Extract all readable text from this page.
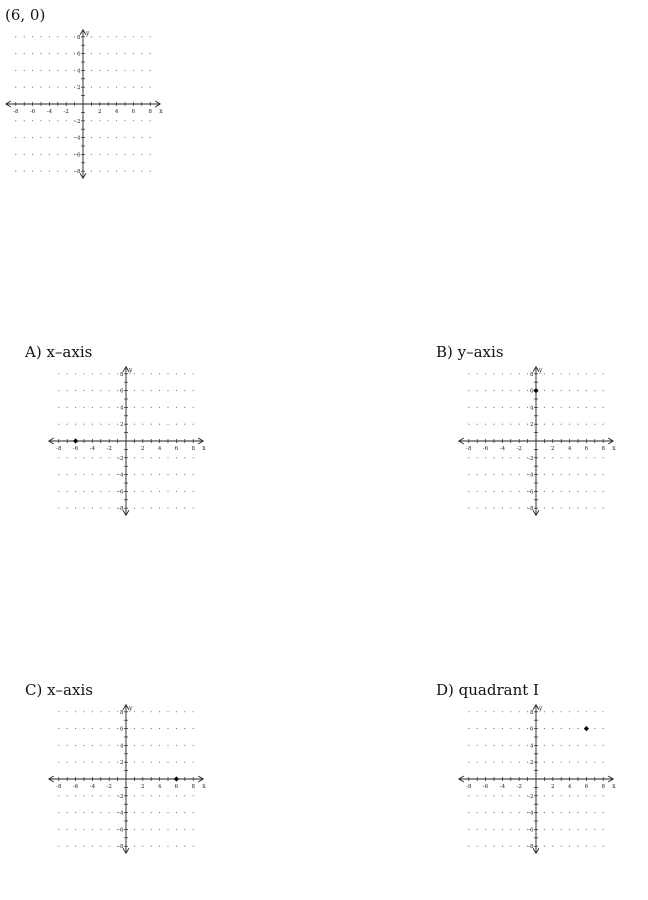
(6, 0)
-8 -6 -4 -2	2 4 6 8
8
6
4
2
-2
-4
-6
-8
x
y
A) x–axis
-8 -6 -4 -2	2 4 6 8
8
6
4
2
-2
-4
-6
-8
x
y
B) y–axis
-8 -6 -4 -2	2 4 6 8
8
6
4
2
-2
-4
-6
-8
x
y
C) x–axis
-8 -6 -4 -2	2 4 6 8
8
6
4
2
-2
-4
-6
-8
x
y
D) quadrant I
-8 -6 -4 -2	2 4 6 8
8
6
4
2
-2
-4
-6
-8
x
y
